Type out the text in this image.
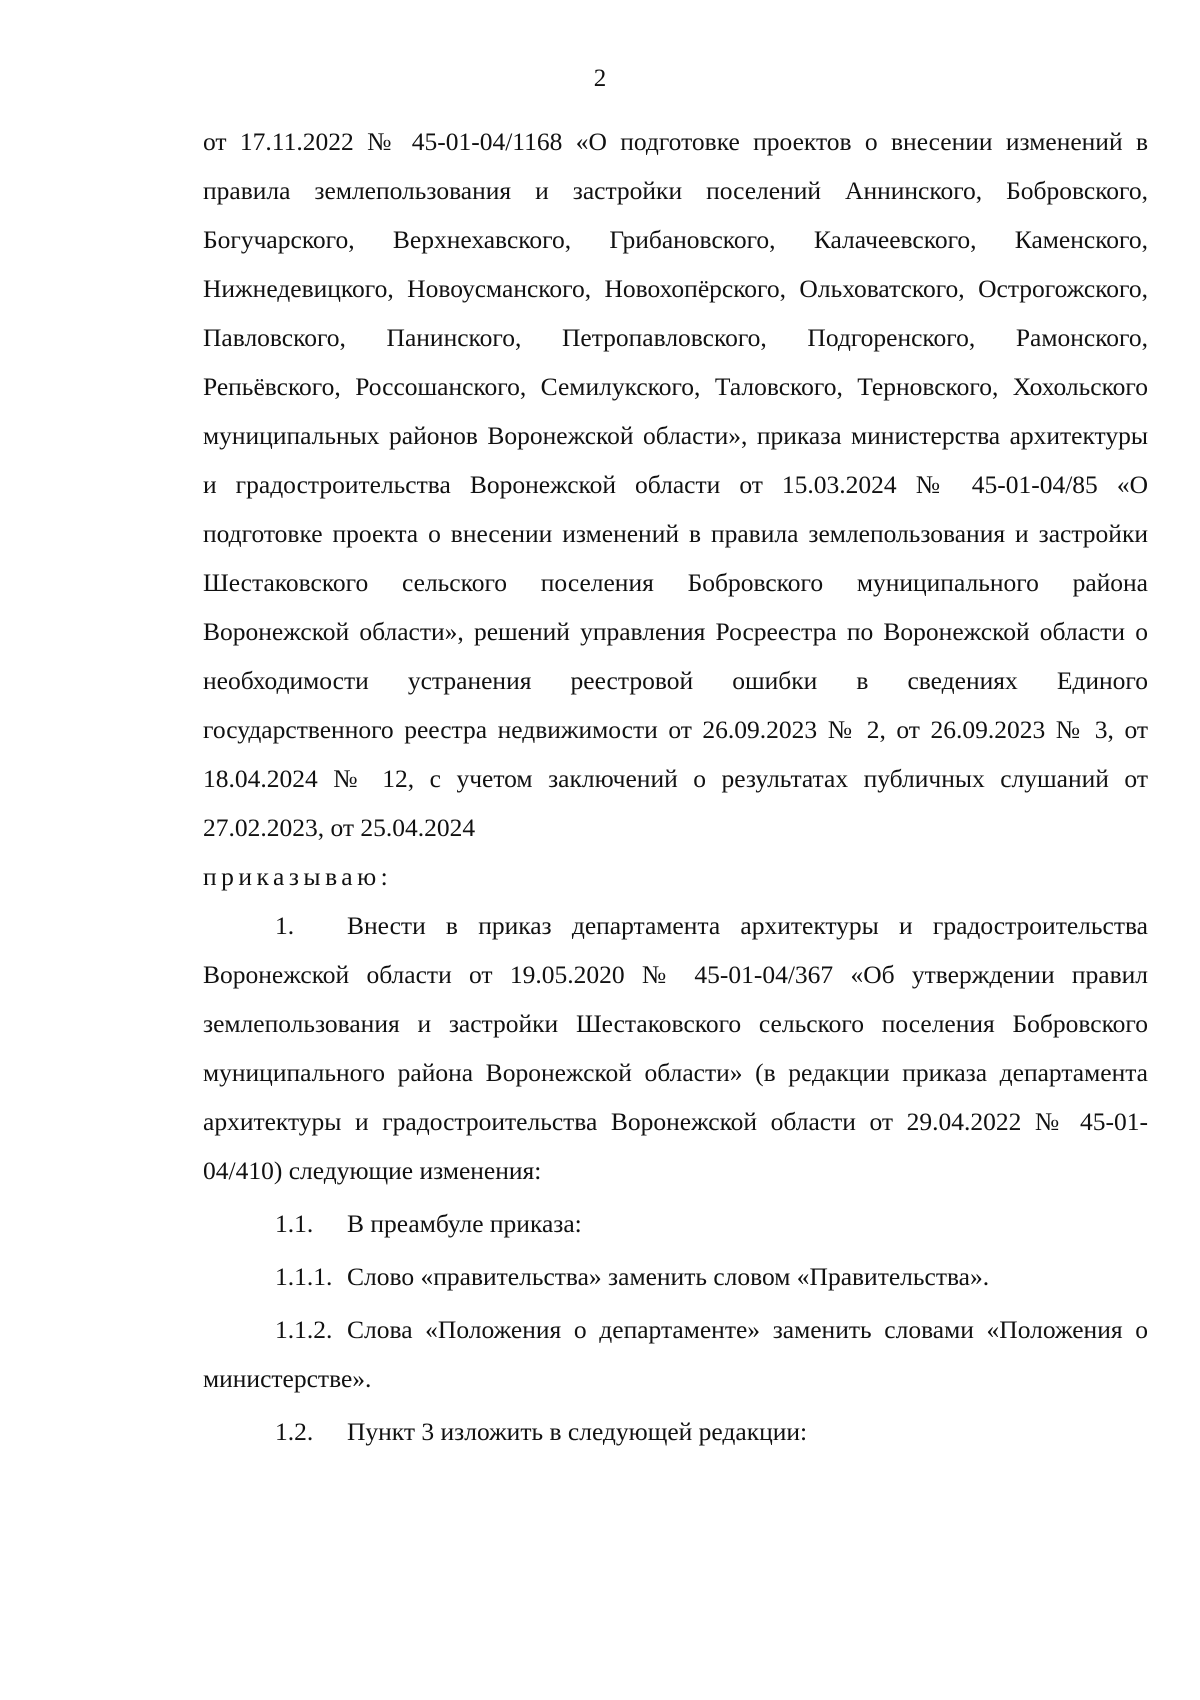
2

от 17.11.2022 № 45-01-04/1168 «О подготовке проектов о внесении изменений в правила землепользования и застройки поселений Аннинского, Бобровского, Богучарского, Верхнехавского, Грибановского, Калачеевского, Каменского, Нижнедевицкого, Новоусманского, Новохопёрского, Ольховатского, Острогожского, Павловского, Панинского, Петропавловского, Подгоренского, Рамонского, Репьёвского, Россошанского, Семилукского, Таловского, Терновского, Хохольского муниципальных районов Воронежской области», приказа министерства архитектуры и градостроительства Воронежской области от 15.03.2024 № 45-01-04/85 «О подготовке проекта о внесении изменений в правила землепользования и застройки Шестаковского сельского поселения Бобровского муниципального района Воронежской области», решений управления Росреестра по Воронежской области о необходимости устранения реестровой ошибки в сведениях Единого государственного реестра недвижимости от 26.09.2023 № 2, от 26.09.2023 № 3, от 18.04.2024 № 12, с учетом заключений о результатах публичных слушаний от 27.02.2023, от 25.04.2024

приказываю:

1. Внести в приказ департамента архитектуры и градостроительства Воронежской области от 19.05.2020 № 45-01-04/367 «Об утверждении правил землепользования и застройки Шестаковского сельского поселения Бобровского муниципального района Воронежской области» (в редакции приказа департамента архитектуры и градостроительства Воронежской области от 29.04.2022 № 45-01-04/410) следующие изменения:

1.1. В преамбуле приказа:

1.1.1. Слово «правительства» заменить словом «Правительства».

1.1.2. Слова «Положения о департаменте» заменить словами «Положения о министерстве».

1.2. Пункт 3 изложить в следующей редакции:
